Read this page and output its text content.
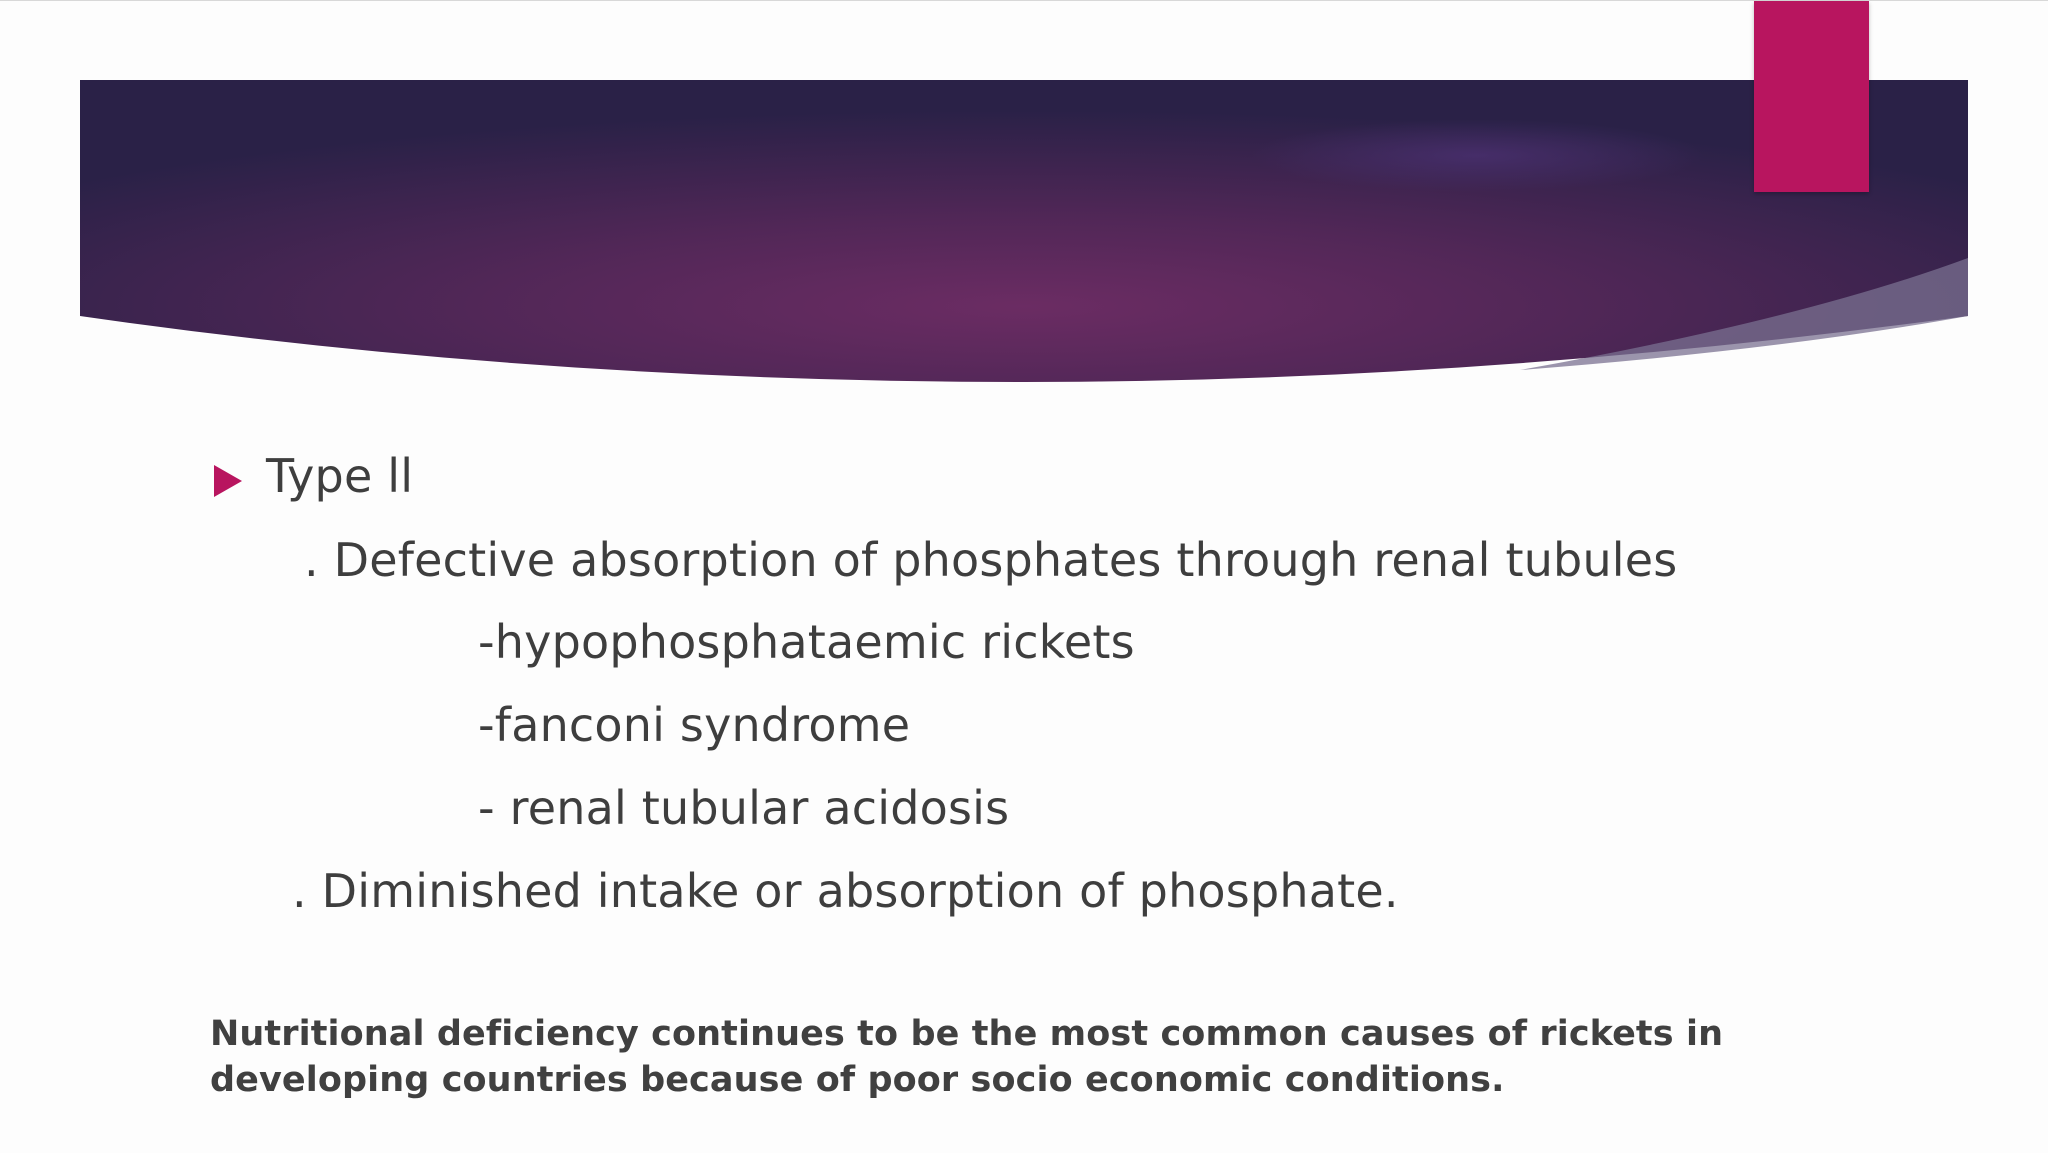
Type ll
. Defective absorption of phosphates through renal tubules
-hypophosphataemic rickets
-fanconi syndrome
- renal tubular acidosis
. Diminished intake or absorption of phosphate.
Nutritional deficiency continues to be the most common causes of rickets in developing countries because of poor socio economic conditions.
